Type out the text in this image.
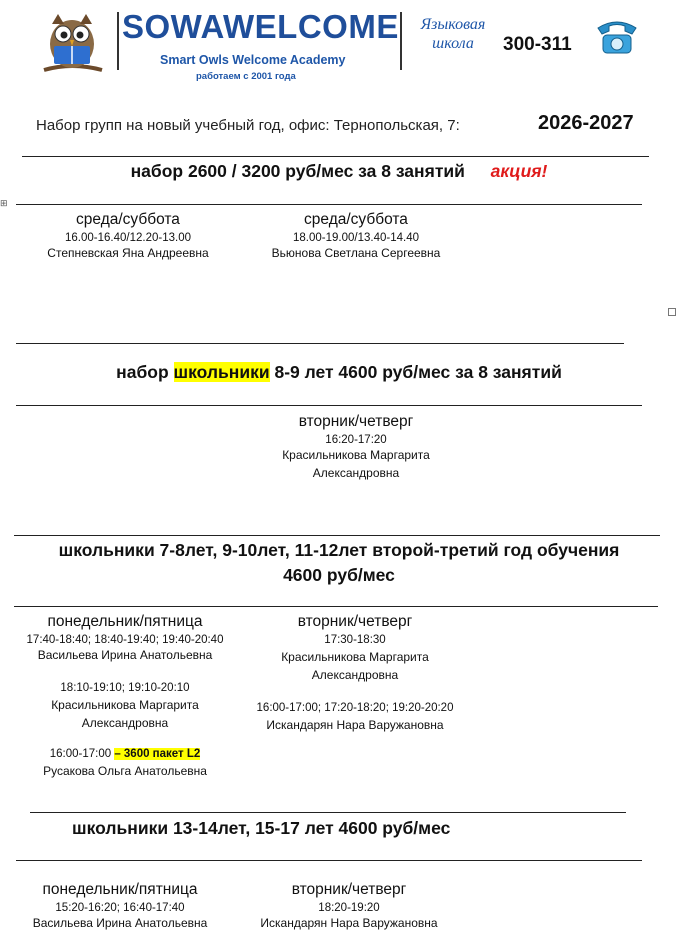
SOWAWELCOME
Smart Owls Welcome Academy
работаем с 2001 года
Языковая школа	300-311
Набор групп на новый учебный год, офис: Тернопольская, 7:	2026-2027
набор 2600 / 3200 руб/мес за 8 занятий акция!
⊞
среда/суббота
16.00-16.40/12.20-13.00
Степневская Яна Андреевна
среда/суббота
18.00-19.00/13.40-14.40
Вьюнова Светлана Сергеевна
набор школьники 8-9 лет 4600 руб/мес за 8 занятий
вторник/четверг
16:20-17:20
Красильникова Маргарита
Александровна
школьники 7-8лет, 9-10лет, 11-12лет второй-третий год обучения
4600 руб/мес
понедельник/пятница
17:40-18:40; 18:40-19:40; 19:40-20:40
Васильева Ирина Анатольевна
18:10-19:10; 19:10-20:10
Красильникова Маргарита
Александровна
16:00-17:00 – 3600 пакет L2
Русакова Ольга Анатольевна
вторник/четверг
17:30-18:30
Красильникова Маргарита
Александровна
16:00-17:00; 17:20-18:20; 19:20-20:20
Искандарян Нара Варужановна
школьники 13-14лет, 15-17 лет 4600 руб/мес
понедельник/пятница
15:20-16:20; 16:40-17:40
Васильева Ирина Анатольевна
вторник/четверг
18:20-19:20
Искандарян Нара Варужановна
